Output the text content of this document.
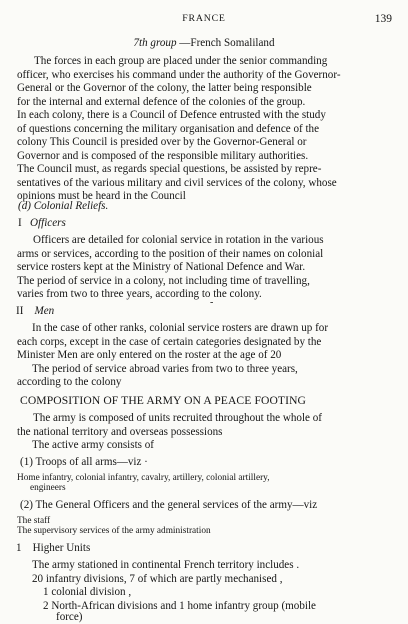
FRANCE	139
7th group —French Somaliland
The forces in each group are placed under the senior commanding
officer, who exercises his command under the authority of the Governor-
General or the Governor of the colony, the latter being responsible
for the internal and external defence of the colonies of the group.
In each colony, there is a Council of Defence entrusted with the study
of questions concerning the military organisation and defence of the
colony This Council is presided over by the Governor-General or
Governor and is composed of the responsible military authorities.
The Council must, as regards special questions, be assisted by repre-
sentatives of the various military and civil services of the colony, whose
opinions must be heard in the Council
(d) Colonial Reliefs.
I Officers
Officers are detailed for colonial service in rotation in the various
arms or services, according to the position of their names on colonial
service rosters kept at the Ministry of National Defence and War.
The period of service in a colony, not including time of travelling,
varies from two to three years, according to the colony.
‑
II Men
In the case of other ranks, colonial service rosters are drawn up for
each corps, except in the case of certain categories designated by the
Minister Men are only entered on the roster at the age of 20
The period of service abroad varies from two to three years,
according to the colony
COMPOSITION OF THE ARMY ON A PEACE FOOTING
The army is composed of units recruited throughout the whole of
the national territory and overseas possessions
The active army consists of
(1) Troops of all arms—viz ·
Home infantry, colonial infantry, cavalry, artillery, colonial artillery,
engineers
(2) The General Officers and the general services of the army—viz
The staff
The supervisory services of the army administration
1 Higher Units
The army stationed in continental French territory includes .
20 infantry divisions, 7 of which are partly mechanised ,
1 colonial division ,
2 North-African divisions and 1 home infantry group (mobile
force)
